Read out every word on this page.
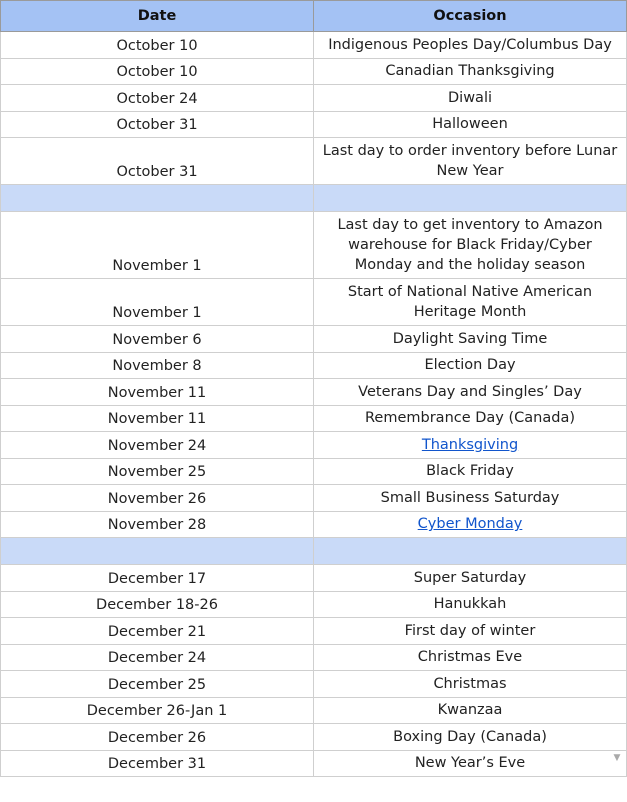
Date	Occasion
October 10	Indigenous Peoples Day/Columbus Day
October 10	Canadian Thanksgiving
October 24	Diwali
October 31	Halloween
October 31	Last day to order inventory before Lunar New Year

November 1	Last day to get inventory to Amazon warehouse for Black Friday/Cyber Monday and the holiday season
November 1	Start of National Native American Heritage Month
November 6	Daylight Saving Time
November 8	Election Day
November 11	Veterans Day and Singles’ Day
November 11	Remembrance Day (Canada)
November 24	Thanksgiving
November 25	Black Friday
November 26	Small Business Saturday
November 28	Cyber Monday

December 17	Super Saturday
December 18-26	Hanukkah
December 21	First day of winter
December 24	Christmas Eve
December 25	Christmas
December 26-Jan 1	Kwanzaa
December 26	Boxing Day (Canada)
December 31	New Year’s Eve	▼
